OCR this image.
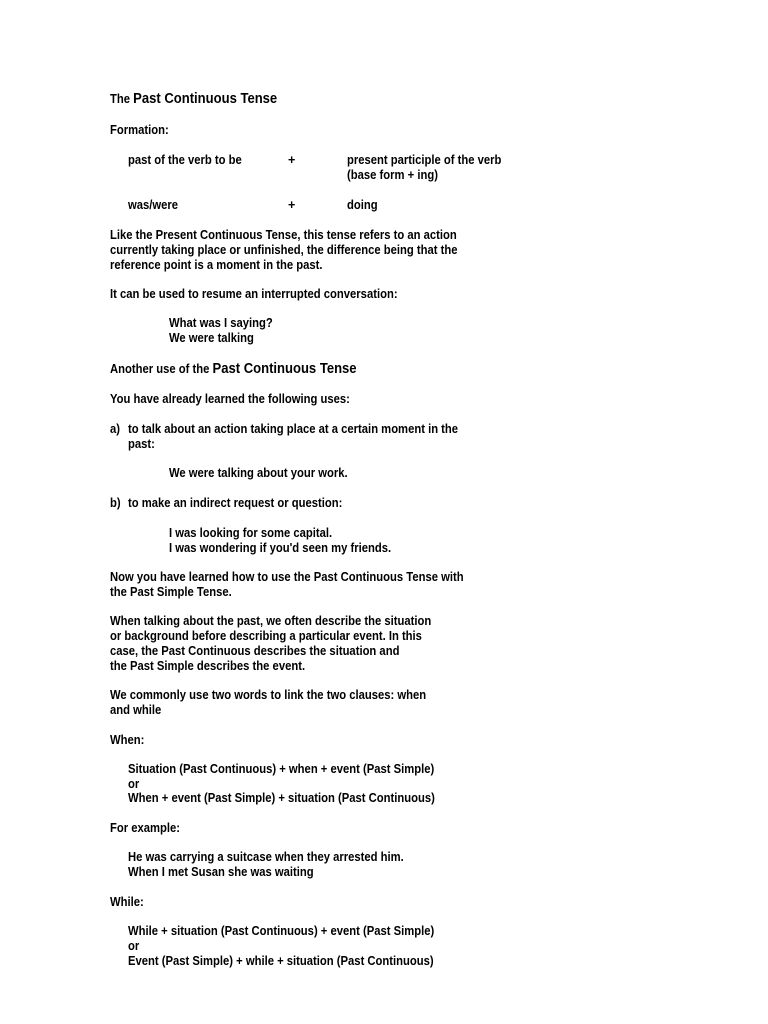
The Past Continuous Tense

Formation:

past of the verb to be	+	present participle of the verb

(base form + ing)

was/were	+	doing

Like the Present Continuous Tense, this tense refers to an action

currently taking place or unfinished, the difference being that the

reference point is a moment in the past.

It can be used to resume an interrupted conversation:

What was I saying?

We were talking

Another use of the Past Continuous Tense

You have already learned the following uses:

a) to talk about an action taking place at a certain moment in the

past:

We were talking about your work.

b) to make an indirect request or question:

I was looking for some capital.

I was wondering if you'd seen my friends.

Now you have learned how to use the Past Continuous Tense with

the Past Simple Tense.

When talking about the past, we often describe the situation

or background before describing a particular event. In this

case, the Past Continuous describes the situation and

the Past Simple describes the event.

We commonly use two words to link the two clauses: when

and while

When:

Situation (Past Continuous) + when + event (Past Simple)

or

When + event (Past Simple) + situation (Past Continuous)

For example:

He was carrying a suitcase when they arrested him.

When I met Susan she was waiting

While:

While + situation (Past Continuous) + event (Past Simple)

or

Event (Past Simple) + while + situation (Past Continuous)
